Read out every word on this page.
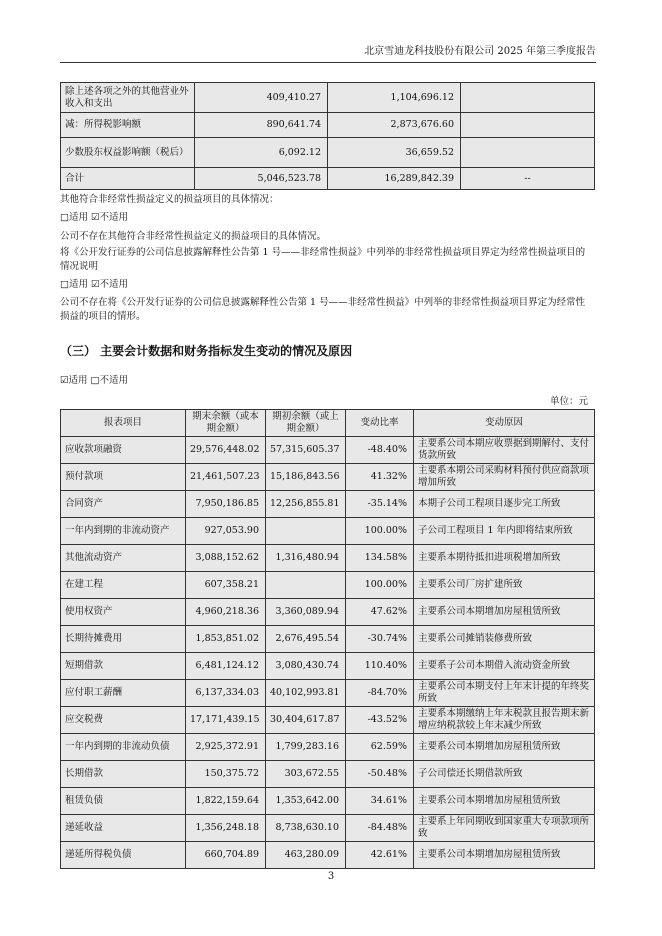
北京雪迪龙科技股份有限公司 2025 年第三季度报告
除上述各项之外的其他营业外收入和支出	409,410.27	1,104,696.12	
减：所得税影响额	890,641.74	2,873,676.60	
少数股东权益影响额（税后）	6,092.12	36,659.52	
合计	5,046,523.78	16,289,842.39	--
其他符合非经常性损益定义的损益项目的具体情况：
□适用 ☑不适用
公司不存在其他符合非经常性损益定义的损益项目的具体情况。
将《公开发行证券的公司信息披露解释性公告第 1 号——非经常性损益》中列举的非经常性损益项目界定为经常性损益项目的情况说明
□适用 ☑不适用
公司不存在将《公开发行证券的公司信息披露解释性公告第 1 号——非经常性损益》中列举的非经常性损益项目界定为经常性损益的项目的情形。
（三） 主要会计数据和财务指标发生变动的情况及原因
☑适用 □不适用
单位：元
报表项目	期末余额（或本期金额）	期初余额（或上期金额）	变动比率	变动原因
应收款项融资	29,576,448.02	57,315,605.37	-48.40%	主要系公司本期应收票据到期解付、支付货款所致
预付款项	21,461,507.23	15,186,843.56	41.32%	主要系本期公司采购材料预付供应商款项增加所致
合同资产	7,950,186.85	12,256,855.81	-35.14%	本期子公司工程项目逐步完工所致
一年内到期的非流动资产	927,053.90		100.00%	子公司工程项目 1 年内即将结束所致
其他流动资产	3,088,152.62	1,316,480.94	134.58%	主要系本期待抵扣进项税增加所致
在建工程	607,358.21		100.00%	主要系公司厂房扩建所致
使用权资产	4,960,218.36	3,360,089.94	47.62%	主要系公司本期增加房屋租赁所致
长期待摊费用	1,853,851.02	2,676,495.54	-30.74%	主要系公司摊销装修费所致
短期借款	6,481,124.12	3,080,430.74	110.40%	主要系子公司本期借入流动资金所致
应付职工薪酬	6,137,334.03	40,102,993.81	-84.70%	主要系公司本期支付上年末计提的年终奖所致
应交税费	17,171,439.15	30,404,617.87	-43.52%	主要系本期缴纳上年末税款且报告期末新增应纳税款较上年末减少所致
一年内到期的非流动负债	2,925,372.91	1,799,283.16	62.59%	主要系公司本期增加房屋租赁所致
长期借款	150,375.72	303,672.55	-50.48%	子公司偿还长期借款所致
租赁负债	1,822,159.64	1,353,642.00	34.61%	主要系公司本期增加房屋租赁所致
递延收益	1,356,248.18	8,738,630.10	-84.48%	主要系上年同期收到国家重大专项款项所致
递延所得税负债	660,704.89	463,280.09	42.61%	主要系公司本期增加房屋租赁所致
3
